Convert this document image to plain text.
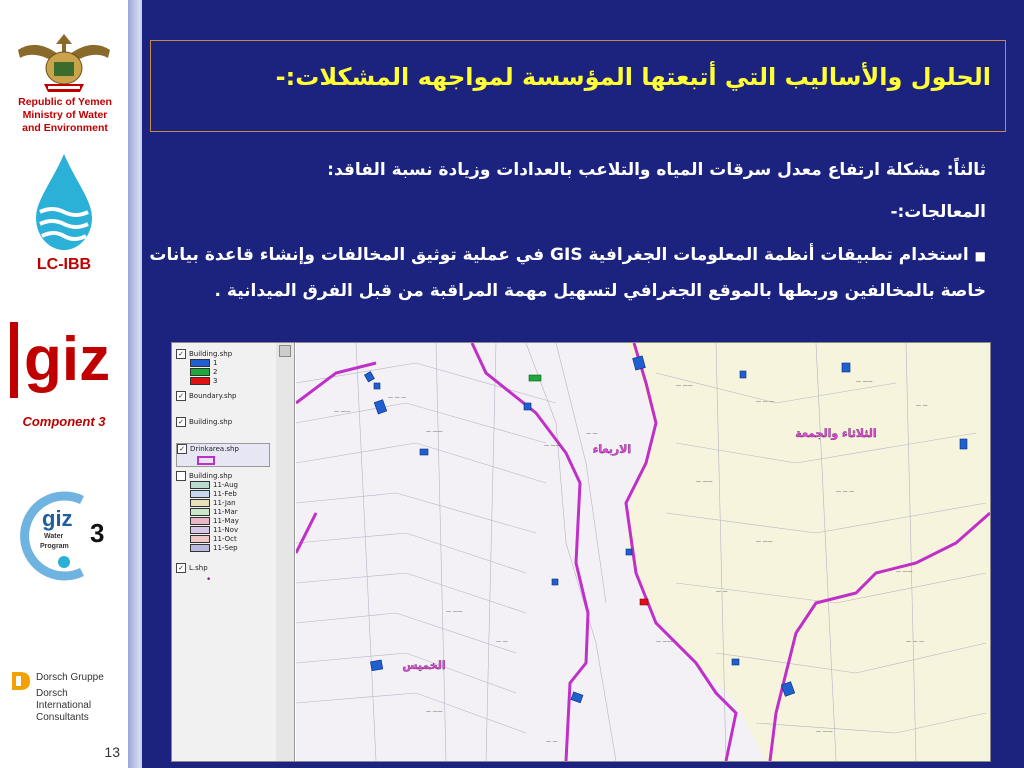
Republic of Yemen
Ministry of Water
and Environment
LC-IBB
giz
Component 3
giz
Water
Program 3
Dorsch Gruppe
Dorsch
International
Consultants
13
الحلول والأساليب التي أتبعتها المؤسسة لمواجهه المشكلات:-
ثالثاً: مشكلة ارتفاع معدل سرقات المياه والتلاعب بالعدادات وزيادة نسبة الفاقد:
المعالجات:-
■استخدام تطبيقات أنظمة المعلومات الجغرافية GIS في عملية توثيق المخالفات وإنشاء قاعدة بيانات خاصة بالمخالفين وربطها بالموقع الجغرافي لتسهيل مهمة المراقبة من قبل الفرق الميدانية .
✓ Building.shp
1
2
3
✓ Boundary.shp
✓ Building.shp
✓ Drinkarea.shp
Building.shp
11-Aug
11-Feb
11-Jan
11-Mar
11-May
11-Nov
11-Oct
11-Sep
✓ L.shp
•
— ——
— — —
— ——
— ——
— —
— ——
— — —
— ——
— —
— ——
— — —
— ——
— ——
— —
— ——
— —	— ——	— — —
— ——
— —
— ——
الاربعاء
الثلاثاء والجمعة
الخميس
